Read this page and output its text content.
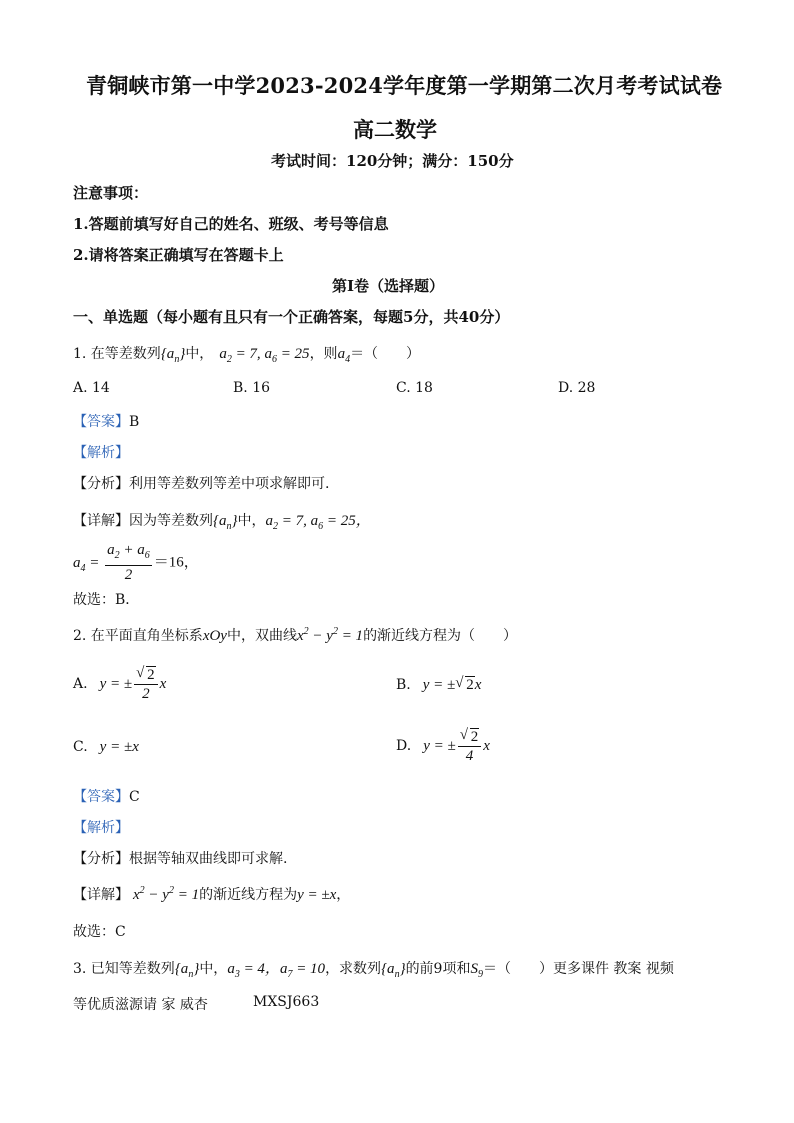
青铜峡市第一中学2023-2024学年度第一学期第二次月考考试试卷
高二数学
考试时间：120分钟；满分：150分
注意事项：
1.答题前填写好自己的姓名、班级、考号等信息
2.请将答案正确填写在答题卡上
第I卷（选择题）
一、单选题（每小题有且只有一个正确答案，每题5分，共40分）
1. 在等差数列$\{a_n\}$中， $a_2 = 7$, $a_6 = 25$，则$a_4=$（　　）
A. 14	B. 16	C. 18	D. 28
【答案】B
【解析】
【分析】利用等差数列等差中项求解即可.
【详解】因为等差数列$\{a_n\}$中，$a_2 = 7$, $a_6 = 25$，
$a_4 = \frac{a_2 + a_6}{2} =16$，
故选：B．
2. 在平面直角坐标系xOy中，双曲线$x^2 - y^2 = 1$的渐近线方程为（　　）
A. y = ± √ $\frac{2}{2}$ x	B. y = ± √ 2x
C. y = ±x	D. y = ± √ $\frac{2}{4}$ x
【答案】C
【解析】
【分析】根据等轴双曲线即可求解.
【详解】 $x^2 - y^2 = 1$的渐近线方程为y = ±x，
故选：C
3. 已知等差数列$\{a_n\}$中，$a_3 = 4$，$a_7 = 10$，求数列$\{a_n\}$的前9项和$S_9=$（　　）更多课件 教案 视频
等优质滋源请 家 威杏	MXSJ663
